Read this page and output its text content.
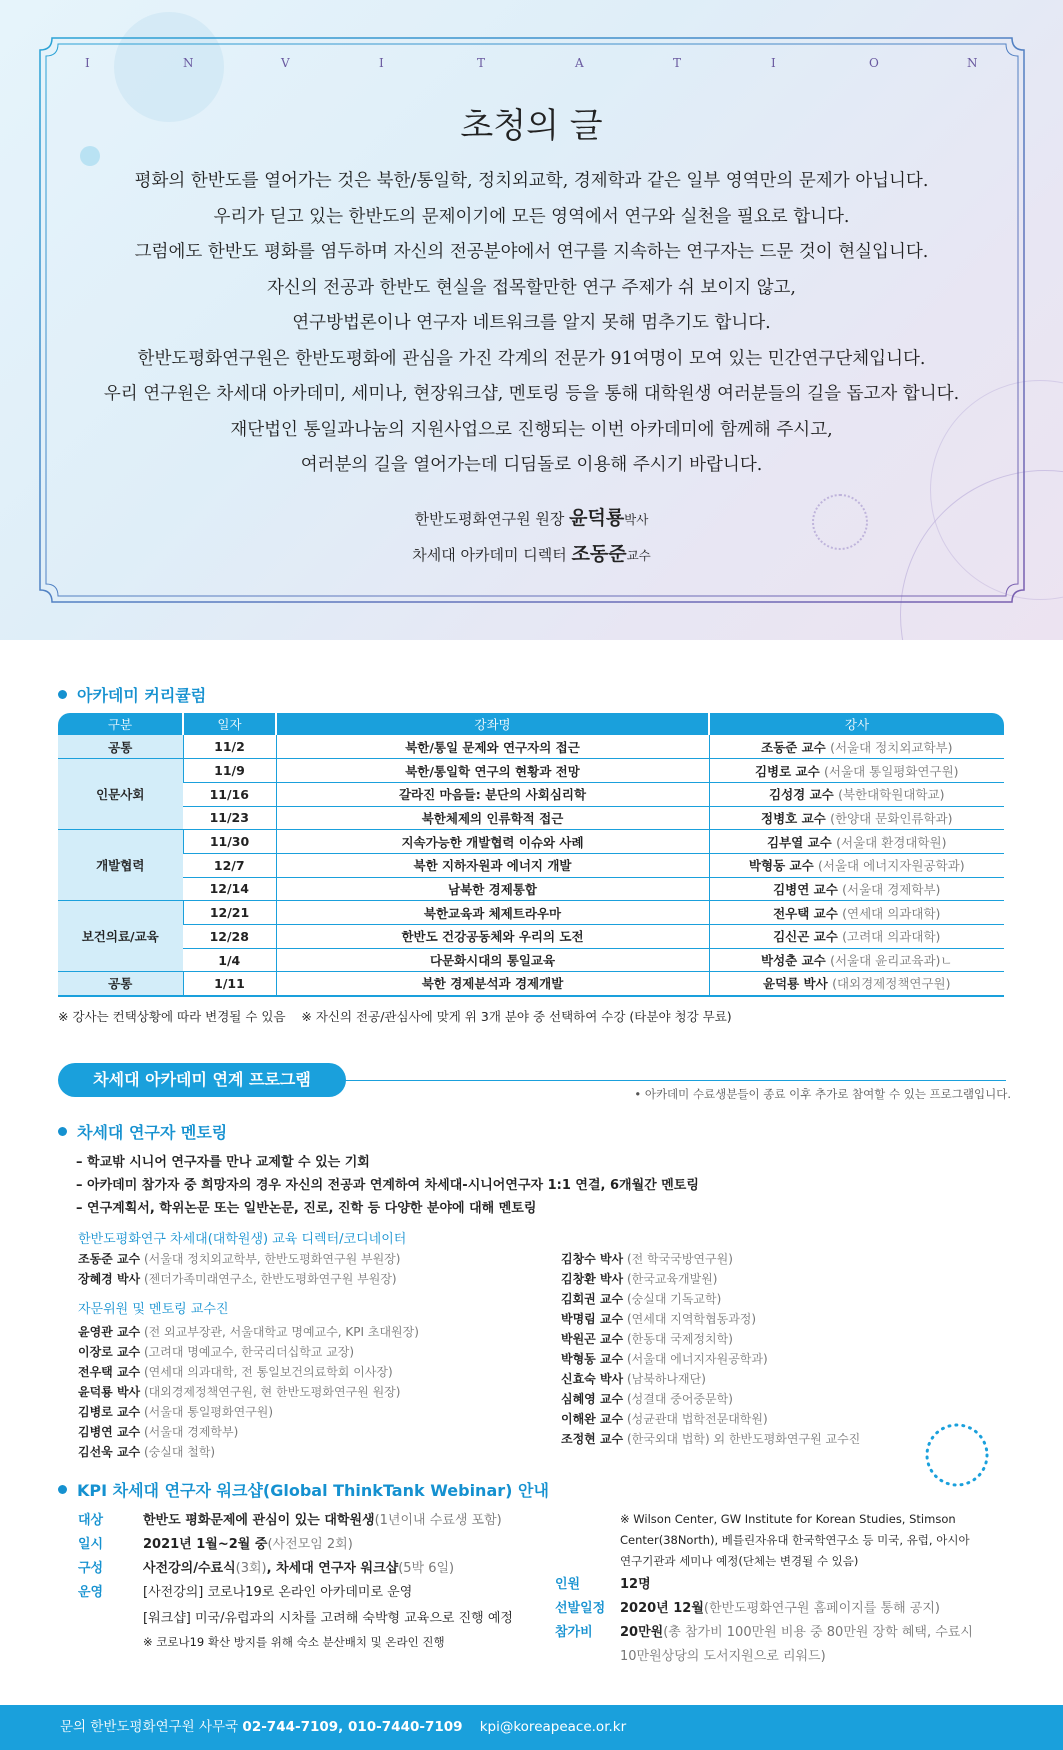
I	N	V	I	T	A	T	I	O	N
초청의 글
평화의 한반도를 열어가는 것은 북한/통일학, 정치외교학, 경제학과 같은 일부 영역만의 문제가 아닙니다.
우리가 딛고 있는 한반도의 문제이기에 모든 영역에서 연구와 실천을 필요로 합니다.
그럼에도 한반도 평화를 염두하며 자신의 전공분야에서 연구를 지속하는 연구자는 드문 것이 현실입니다.
자신의 전공과 한반도 현실을 접목할만한 연구 주제가 쉬 보이지 않고,
연구방법론이나 연구자 네트워크를 알지 못해 멈추기도 합니다.
한반도평화연구원은 한반도평화에 관심을 가진 각계의 전문가 91여명이 모여 있는 민간연구단체입니다.
우리 연구원은 차세대 아카데미, 세미나, 현장워크샵, 멘토링 등을 통해 대학원생 여러분들의 길을 돕고자 합니다.
재단법인 통일과나눔의 지원사업으로 진행되는 이번 아카데미에 함께해 주시고,
여러분의 길을 열어가는데 디딤돌로 이용해 주시기 바랍니다.
한반도평화연구원 원장 윤덕룡박사
차세대 아카데미 디렉터 조동준교수
아카데미 커리큘럼
구분	일자	강좌명	강사
공통	11/2	북한/통일 문제와 연구자의 접근	조동준 교수 (서울대 정치외교학부)
인문사회	11/9	북한/통일학 연구의 현황과 전망	김병로 교수 (서울대 통일평화연구원)
	11/16	갈라진 마음들: 분단의 사회심리학	김성경 교수 (북한대학원대학교)
	11/23	북한체제의 인류학적 접근	정병호 교수 (한양대 문화인류학과)
개발협력	11/30	지속가능한 개발협력 이슈와 사례	김부열 교수 (서울대 환경대학원)
	12/7	북한 지하자원과 에너지 개발	박형동 교수 (서울대 에너지자원공학과)
	12/14	남북한 경제통합	김병연 교수 (서울대 경제학부)
보건의료/교육	12/21	북한교육과 체제트라우마	전우택 교수 (연세대 의과대학)
	12/28	한반도 건강공동체와 우리의 도전	김신곤 교수 (고려대 의과대학)
	1/4	다문화시대의 통일교육	박성춘 교수 (서울대 윤리교육과)ㄴ
공통	1/11	북한 경제분석과 경제개발	윤덕룡 박사 (대외경제정책연구원)
※ 강사는 컨택상황에 따라 변경될 수 있음    ※ 자신의 전공/관심사에 맞게 위 3개 분야 중 선택하여 수강 (타분야 청강 무료)
차세대 아카데미 연계 프로그램
• 아카데미 수료생분들이 종료 이후 추가로 참여할 수 있는 프로그램입니다.
차세대 연구자 멘토링
– 학교밖 시니어 연구자를 만나 교제할 수 있는 기회
– 아카데미 참가자 중 희망자의 경우 자신의 전공과 연계하여 차세대-시니어연구자 1:1 연결, 6개월간 멘토링
– 연구계획서, 학위논문 또는 일반논문, 진로, 진학 등 다양한 분야에 대해 멘토링
한반도평화연구 차세대(대학원생) 교육 디렉터/코디네이터
조동준 교수 (서울대 정치외교학부, 한반도평화연구원 부원장)
장혜경 박사 (젠더가족미래연구소, 한반도평화연구원 부원장)
자문위원 및 멘토링 교수진
윤영관 교수 (전 외교부장관, 서울대학교 명예교수, KPI 초대원장)
이장로 교수 (고려대 명예교수, 한국리더십학교 교장)
전우택 교수 (연세대 의과대학, 전 통일보건의료학회 이사장)
윤덕룡 박사 (대외경제정책연구원, 현 한반도평화연구원 원장)
김병로 교수 (서울대 통일평화연구원)
김병연 교수 (서울대 경제학부)
김선욱 교수 (숭실대 철학)
김창수 박사 (전 학국국방연구원)
김창환 박사 (한국교육개발원)
김회권 교수 (숭실대 기독교학)
박명림 교수 (연세대 지역학협동과정)
박원곤 교수 (한동대 국제정치학)
박형동 교수 (서울대 에너지자원공학과)
신효숙 박사 (남북하나재단)
심혜영 교수 (성결대 중어중문학)
이해완 교수 (성균관대 법학전문대학원)
조정현 교수 (한국외대 법학) 외 한반도평화연구원 교수진
KPI 차세대 연구자 워크샵(Global ThinkTank Webinar) 안내
대상	한반도 평화문제에 관심이 있는 대학원생(1년이내 수료생 포함)
일시	2021년 1월~2월 중(사전모임 2회)
구성	사전강의/수료식(3회), 차세대 연구자 워크샵(5박 6일)
운영	[사전강의] 코로나19로 온라인 아카데미로 운영
[워크샵] 미국/유럽과의 시차를 고려해 숙박형 교육으로 진행 예정
※ 코로나19 확산 방지를 위해 숙소 분산배치 및 온라인 진행
※ Wilson Center, GW Institute for Korean Studies, Stimson
Center(38North), 베를린자유대 한국학연구소 등 미국, 유럽, 아시아
연구기관과 세미나 예정(단체는 변경될 수 있음)
인원	12명
선발일정 2020년 12월(한반도평화연구원 홈페이지를 통해 공지)
참가비 20만원(총 참가비 100만원 비용 중 80만원 장학 혜택, 수료시
10만원상당의 도서지원으로 리워드)
문의 한반도평화연구원 사무국 02-744-7109, 010-7440-7109 kpi@koreapeace.or.kr
